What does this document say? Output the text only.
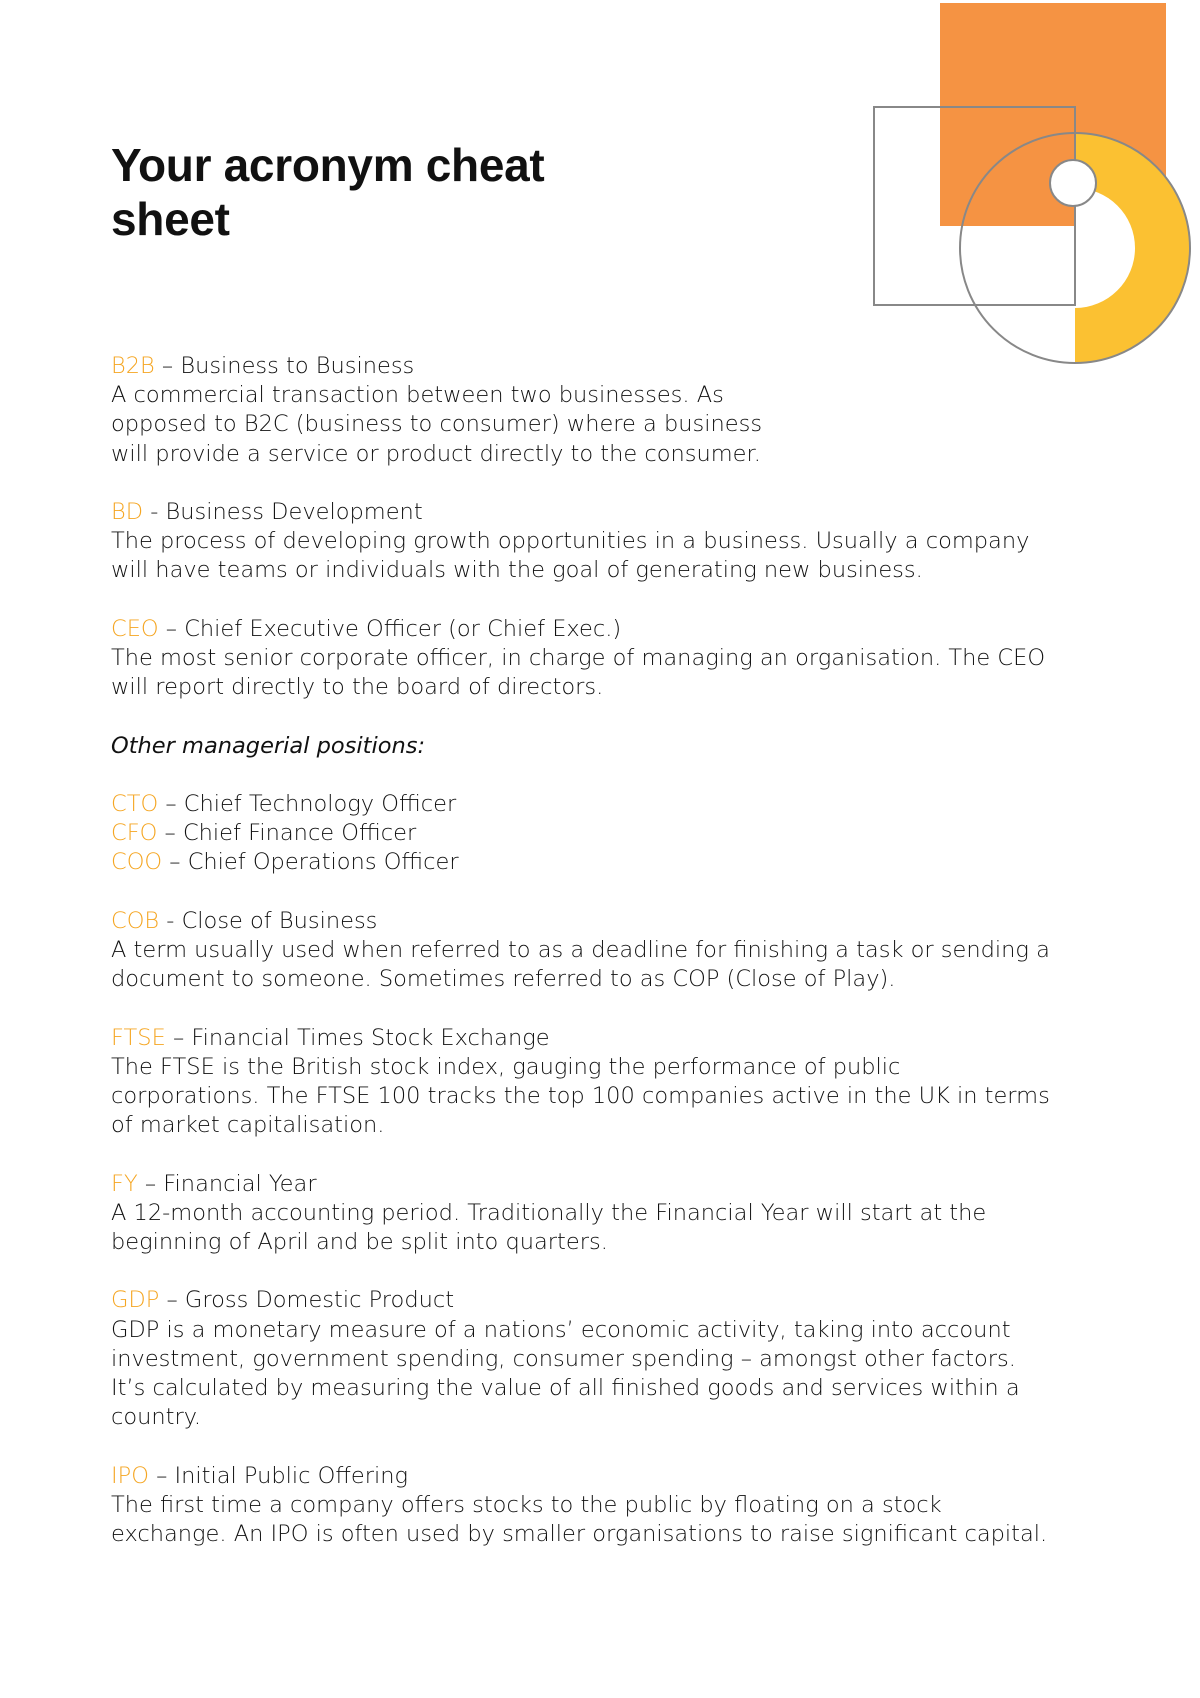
Your acronym cheat
sheet
B2B – Business to Business
A commercial transaction between two businesses. As
opposed to B2C (business to consumer) where a business
will provide a service or product directly to the consumer.
BD - Business Development
The process of developing growth opportunities in a business. Usually a company
will have teams or individuals with the goal of generating new business.
CEO – Chief Executive Officer (or Chief Exec.)
The most senior corporate officer, in charge of managing an organisation. The CEO
will report directly to the board of directors.
Other managerial positions:
CTO – Chief Technology Officer
CFO – Chief Finance Officer
COO – Chief Operations Officer
COB - Close of Business
A term usually used when referred to as a deadline for finishing a task or sending a
document to someone. Sometimes referred to as COP (Close of Play).
FTSE – Financial Times Stock Exchange
The FTSE is the British stock index, gauging the performance of public
corporations. The FTSE 100 tracks the top 100 companies active in the UK in terms
of market capitalisation.
FY – Financial Year
A 12-month accounting period. Traditionally the Financial Year will start at the
beginning of April and be split into quarters.
GDP – Gross Domestic Product
GDP is a monetary measure of a nations’ economic activity, taking into account
investment, government spending, consumer spending – amongst other factors.
It’s calculated by measuring the value of all finished goods and services within a
country.
IPO – Initial Public Offering
The first time a company offers stocks to the public by floating on a stock
exchange. An IPO is often used by smaller organisations to raise significant capital.
